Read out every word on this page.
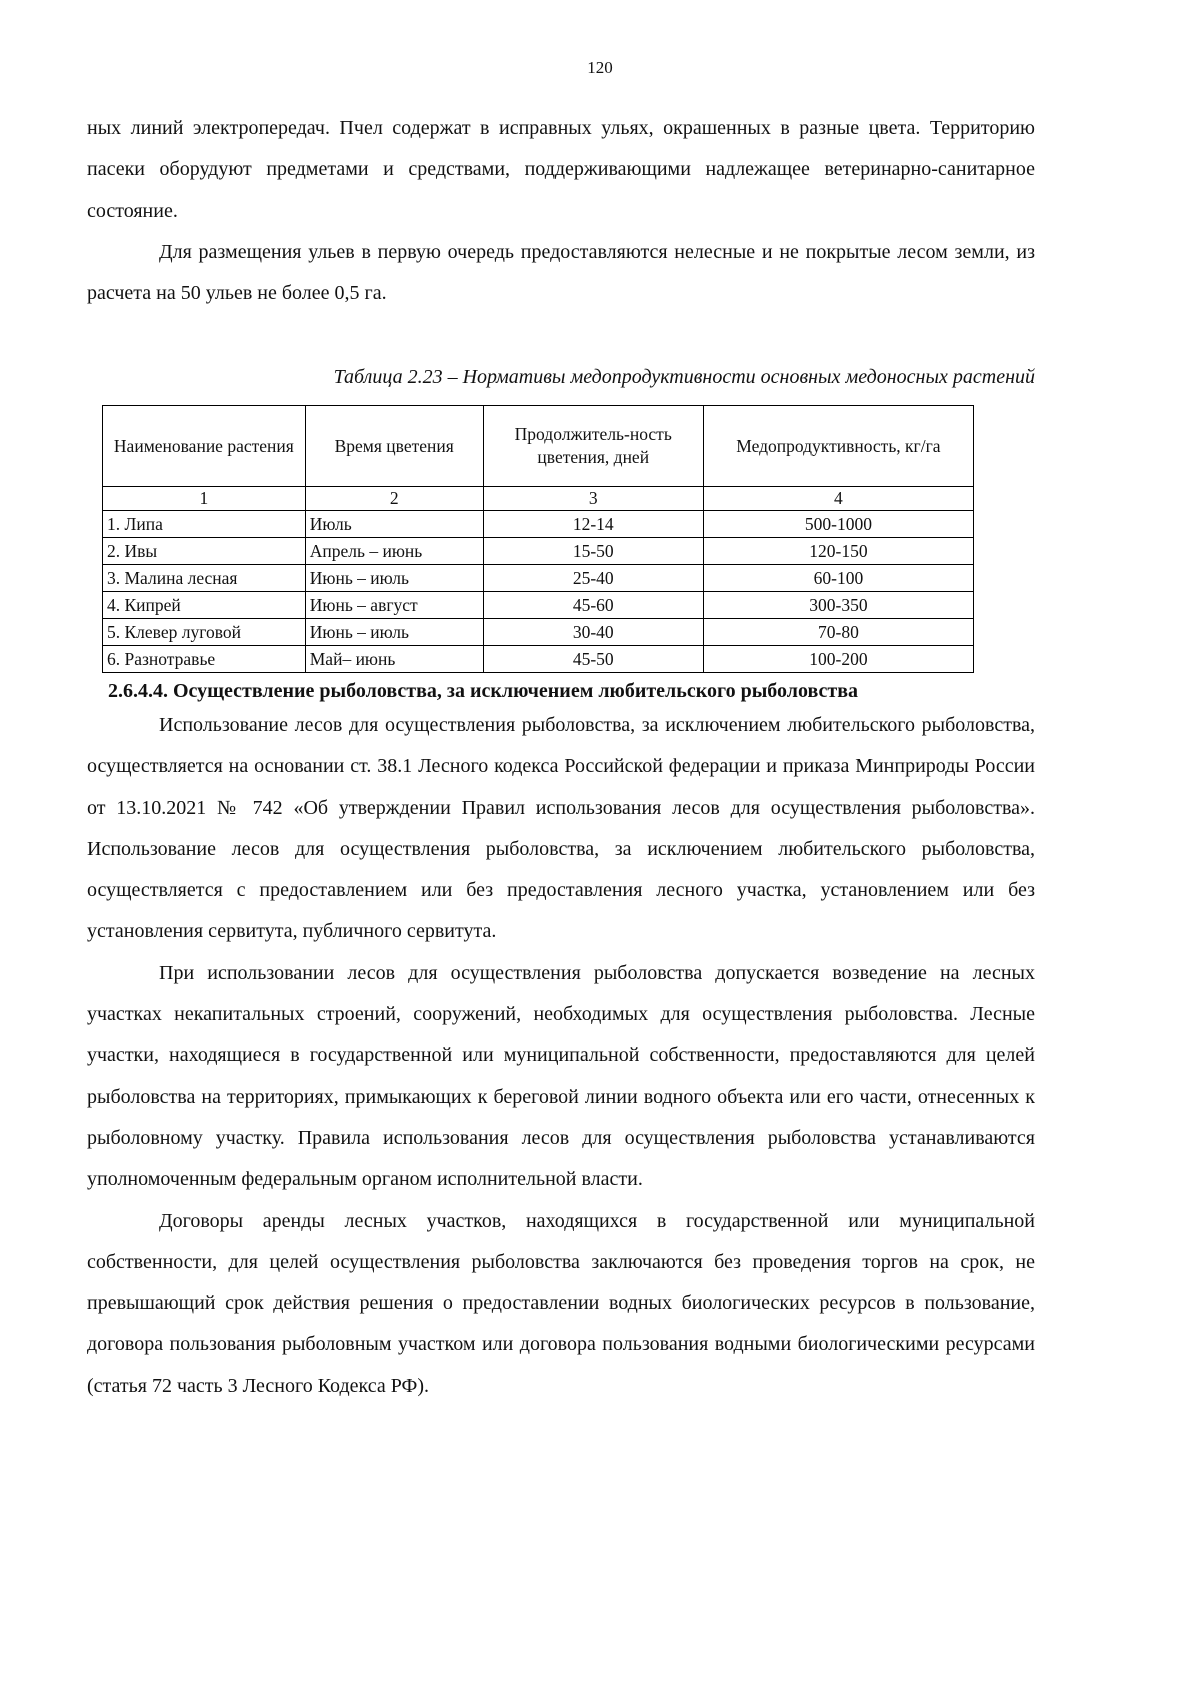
120

ных линий электропередач. Пчел содержат в исправных ульях, окрашенных в разные цвета. Территорию пасеки оборудуют предметами и средствами, поддерживающими надлежащее ветеринарно-санитарное состояние.

Для размещения ульев в первую очередь предоставляются нелесные и не покрытые лесом земли, из расчета на 50 ульев не более 0,5 га.

Таблица 2.23 – Нормативы медопродуктивности основных медоносных растений
Наименование растения	Время цветения	Продолжитель-ность цветения, дней	Медопродуктивность, кг/га
1	2	3	4
1. Липа	Июль	12-14	500-1000
2. Ивы	Апрель – июнь	15-50	120-150
3. Малина лесная	Июнь – июль	25-40	60-100
4. Кипрей	Июнь – август	45-60	300-350
5. Клевер луговой	Июнь – июль	30-40	70-80
6. Разнотравье	Май– июнь	45-50	100-200
2.6.4.4. Осуществление рыболовства, за исключением любительского рыболовства

Использование лесов для осуществления рыболовства, за исключением любительского рыболовства, осуществляется на основании ст. 38.1 Лесного кодекса Российской федерации и приказа Минприроды России от 13.10.2021 № 742 «Об утверждении Правил использования лесов для осуществления рыболовства». Использование лесов для осуществления рыболовства, за исключением любительского рыболовства, осуществляется с предоставлением или без предоставления лесного участка, установлением или без установления сервитута, публичного сервитута.

При использовании лесов для осуществления рыболовства допускается возведение на лесных участках некапитальных строений, сооружений, необходимых для осуществления рыболовства. Лесные участки, находящиеся в государственной или муниципальной собственности, предоставляются для целей рыболовства на территориях, примыкающих к береговой линии водного объекта или его части, отнесенных к рыболовному участку. Правила использования лесов для осуществления рыболовства устанавливаются уполномоченным федеральным органом исполнительной власти.

Договоры аренды лесных участков, находящихся в государственной или муниципальной собственности, для целей осуществления рыболовства заключаются без проведения торгов на срок, не превышающий срок действия решения о предоставлении водных биологических ресурсов в пользование, договора пользования рыболовным участком или договора пользования водными биологическими ресурсами (статья 72 часть 3 Лесного Кодекса РФ).
